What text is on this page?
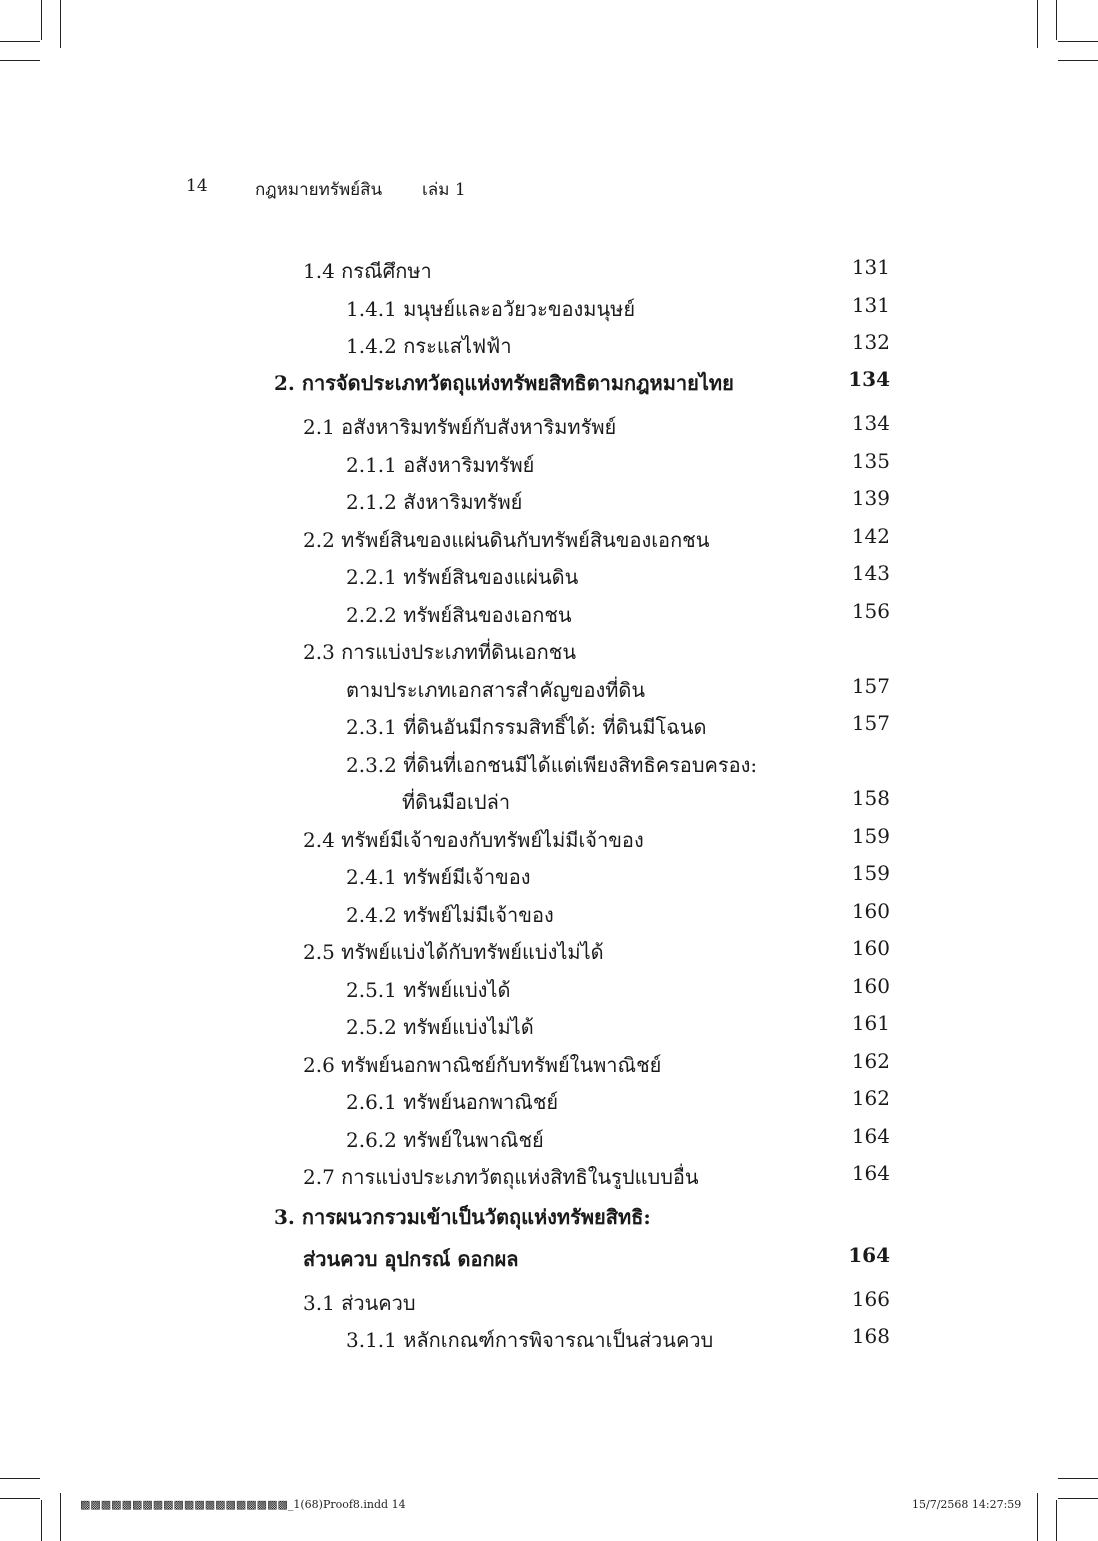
14	กฎหมายทรัพย์สิน เล่ม 1
1.4 กรณีศึกษา	131
1.4.1 มนุษย์และอวัยวะของมนุษย์	131
1.4.2 กระแสไฟฟ้า	132
2. การจัดประเภทวัตถุแห่งทรัพยสิทธิตามกฎหมายไทย	134
2.1 อสังหาริมทรัพย์กับสังหาริมทรัพย์	134
2.1.1 อสังหาริมทรัพย์	135
2.1.2 สังหาริมทรัพย์	139
2.2 ทรัพย์สินของแผ่นดินกับทรัพย์สินของเอกชน	142
2.2.1 ทรัพย์สินของแผ่นดิน	143
2.2.2 ทรัพย์สินของเอกชน	156
2.3 การแบ่งประเภทที่ดินเอกชน
ตามประเภทเอกสารสำคัญของที่ดิน	157
2.3.1 ที่ดินอันมีกรรมสิทธิ์ได้: ที่ดินมีโฉนด	157
2.3.2 ที่ดินที่เอกชนมีได้แต่เพียงสิทธิครอบครอง:
ที่ดินมือเปล่า	158
2.4 ทรัพย์มีเจ้าของกับทรัพย์ไม่มีเจ้าของ	159
2.4.1 ทรัพย์มีเจ้าของ	159
2.4.2 ทรัพย์ไม่มีเจ้าของ	160
2.5 ทรัพย์แบ่งได้กับทรัพย์แบ่งไม่ได้	160
2.5.1 ทรัพย์แบ่งได้	160
2.5.2 ทรัพย์แบ่งไม่ได้	161
2.6 ทรัพย์นอกพาณิชย์กับทรัพย์ในพาณิชย์	162
2.6.1 ทรัพย์นอกพาณิชย์	162
2.6.2 ทรัพย์ในพาณิชย์	164
2.7 การแบ่งประเภทวัตถุแห่งสิทธิในรูปแบบอื่น	164
3. การผนวกรวมเข้าเป็นวัตถุแห่งทรัพยสิทธิ:
ส่วนควบ อุปกรณ์ ดอกผล	164
3.1 ส่วนควบ	166
3.1.1 หลักเกณฑ์การพิจารณาเป็นส่วนควบ	168
▩▩▩▩▩▩▩▩▩▩▩▩▩▩▩▩▩▩▩▩_1(68)Proof8.indd 14	15/7/2568 14:27:59
